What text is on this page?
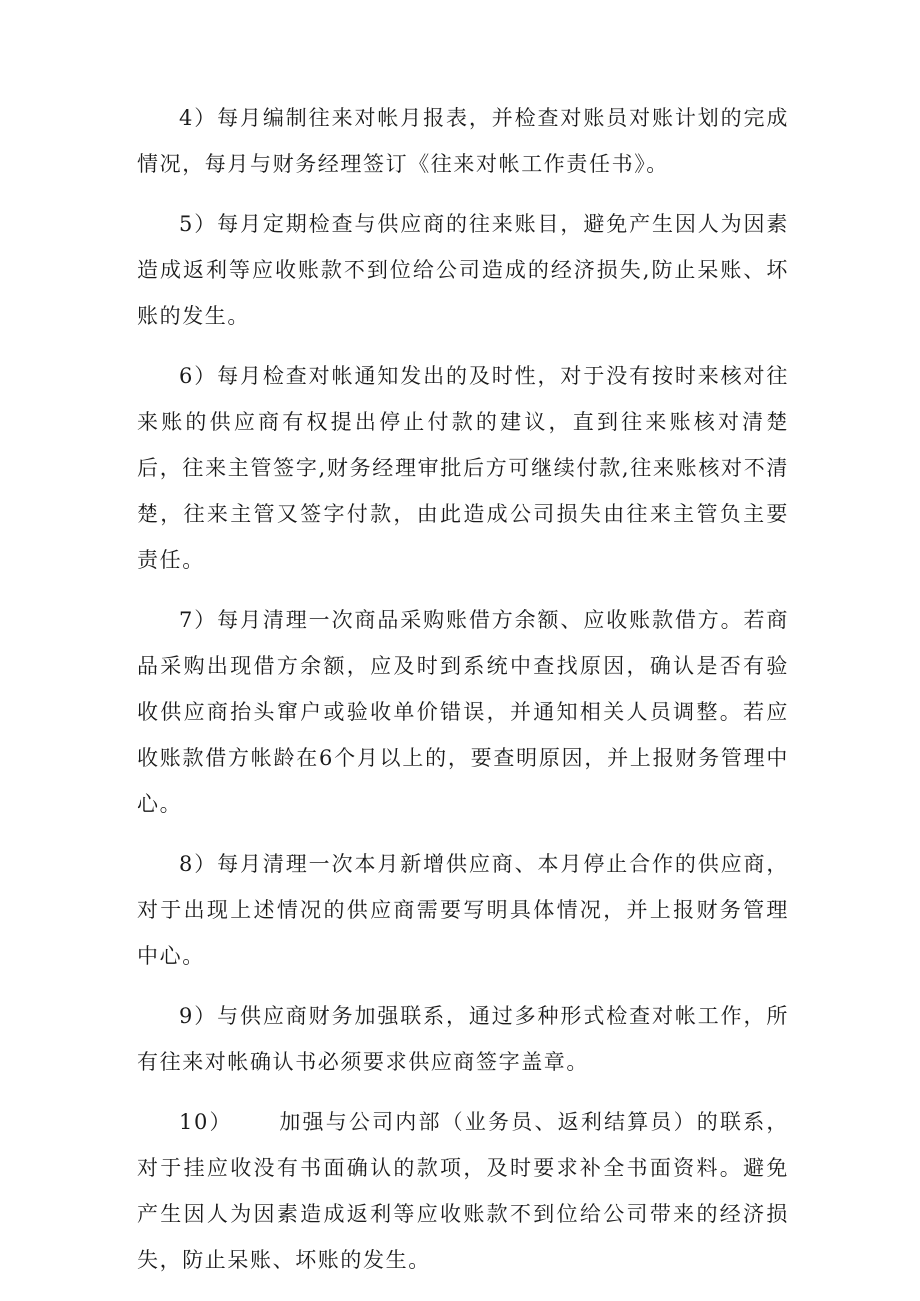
4）每月编制往来对帐月报表，并检查对账员对账计划的完成情况，每月与财务经理签订《往来对帐工作责任书》。

5）每月定期检查与供应商的往来账目，避免产生因人为因素造成返利等应收账款不到位给公司造成的经济损失,防止呆账、坏账的发生。

6）每月检查对帐通知发出的及时性，对于没有按时来核对往来账的供应商有权提出停止付款的建议，直到往来账核对清楚后，往来主管签字,财务经理审批后方可继续付款,往来账核对不清楚，往来主管又签字付款，由此造成公司损失由往来主管负主要责任。

7）每月清理一次商品采购账借方余额、应收账款借方。若商品采购出现借方余额，应及时到系统中查找原因，确认是否有验收供应商抬头窜户或验收单价错误，并通知相关人员调整。若应收账款借方帐龄在6个月以上的，要查明原因，并上报财务管理中心。

8）每月清理一次本月新增供应商、本月停止合作的供应商，对于出现上述情况的供应商需要写明具体情况，并上报财务管理中心。

9）与供应商财务加强联系，通过多种形式检查对帐工作，所有往来对帐确认书必须要求供应商签字盖章。

10） 加强与公司内部（业务员、返利结算员）的联系，对于挂应收没有书面确认的款项，及时要求补全书面资料。避免产生因人为因素造成返利等应收账款不到位给公司带来的经济损失，防止呆账、坏账的发生。
